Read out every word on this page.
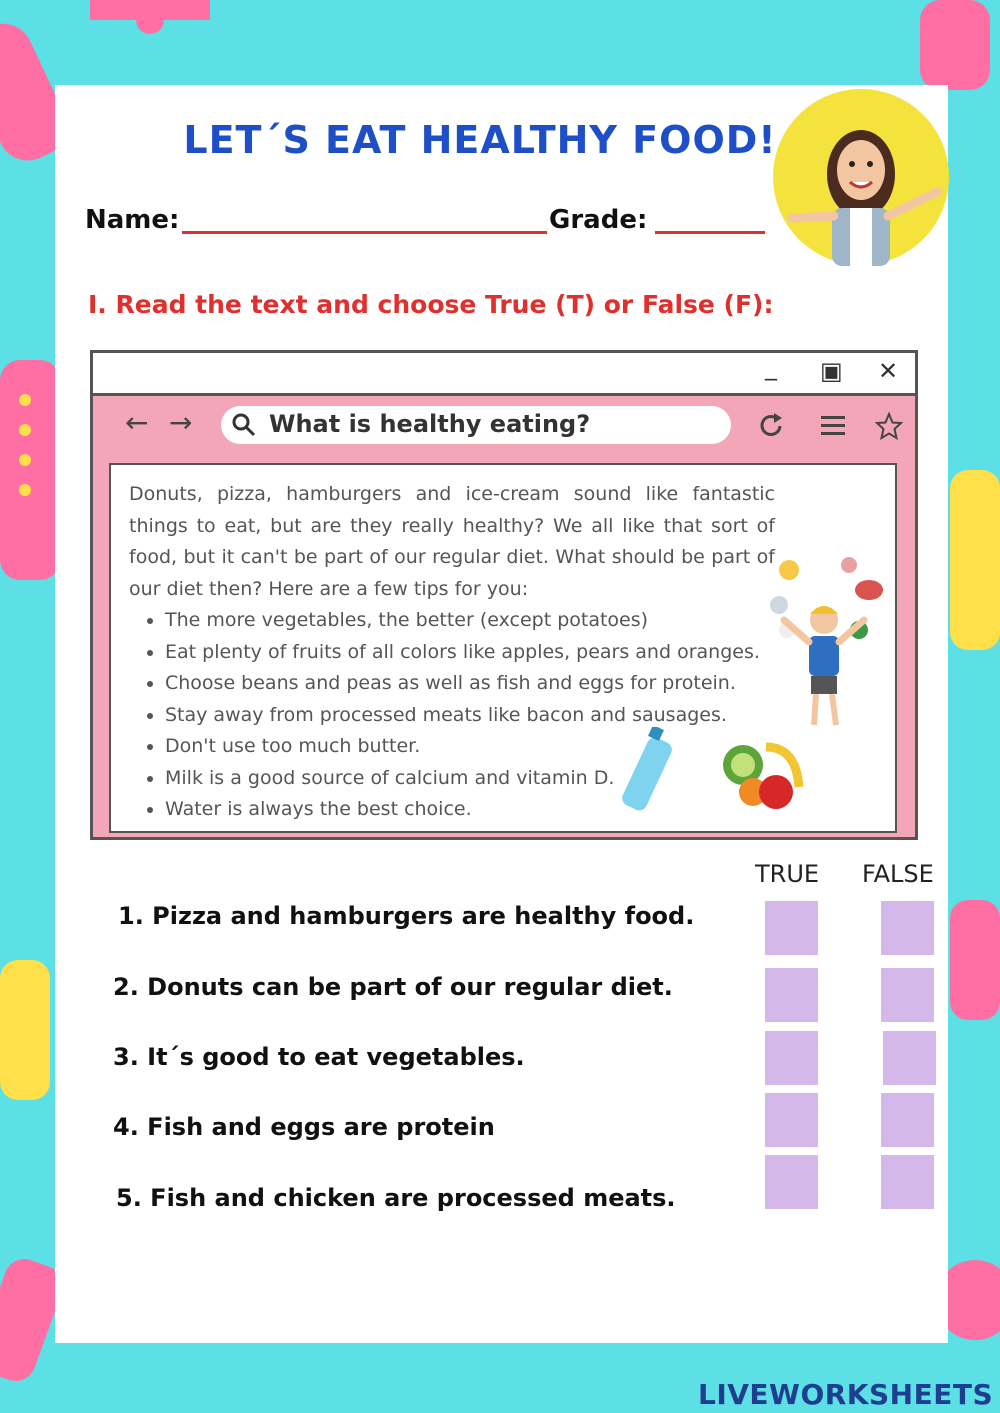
LET´S EAT HEALTHY FOOD!
Name:	Grade:
I. Read the text and choose True (T) or False (F):
_ ▣ ✕
← →	What is healthy eating?
Donuts, pizza, hamburgers and ice-cream sound like fantastic things to eat, but are they really healthy? We all like that sort of food, but it can't be part of our regular diet. What should be part of our diet then? Here are a few tips for you:
• The more vegetables, the better (except potatoes)
• Eat plenty of fruits of all colors like apples, pears and oranges.
• Choose beans and peas as well as fish and eggs for protein.
• Stay away from processed meats like bacon and sausages.
• Don't use too much butter.
• Milk is a good source of calcium and vitamin D.
• Water is always the best choice.
TRUE FALSE
1. Pizza and hamburgers are healthy food.
2. Donuts can be part of our regular diet.
3. It´s good to eat vegetables.
4. Fish and eggs are protein
5. Fish and chicken are processed meats.
LIVEWORKSHEETS
